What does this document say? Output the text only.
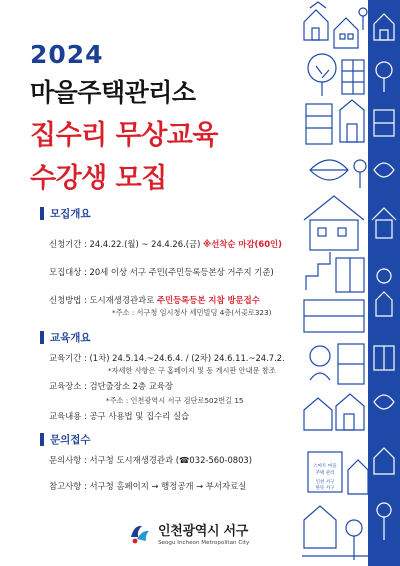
스마트 마을
주택 관리
인천 서구
한뜻 서구
2024
마을주택관리소
집수리 무상교육
수강생 모집
모집개요
신청기간 : 24.4.22.(월) ~ 24.4.26.(금) ※선착순 마감(60인)
모집대상 : 20세 이상 서구 주민(주민등록등본상 거주지 기준)
신청방법 : 도시재생경관과로 주민등록등본 지참 방문접수
*주소 : 서구청 임시청사 세민빌딩 4층(서곶로323)
교육개요
교육기간 : (1차) 24.5.14.~24.6.4. / (2차) 24.6.11.~24.7.2.
*자세한 사항은 구 홈페이지 및 동 게시판 안내문 참조
교육장소 : 검단출장소 2층 교육장
*주소 : 인천광역시 서구 검단로502번길 15
교육내용 : 공구 사용법 및 집수리 실습
문의접수
문의사항 : 서구청 도시재생경관과 (☎032-560-0803)
참고사항 : 서구청 홈페이지 → 행정공개 → 부서자료실
인천광역시 서구
Seogu Incheon Metropolitan City
